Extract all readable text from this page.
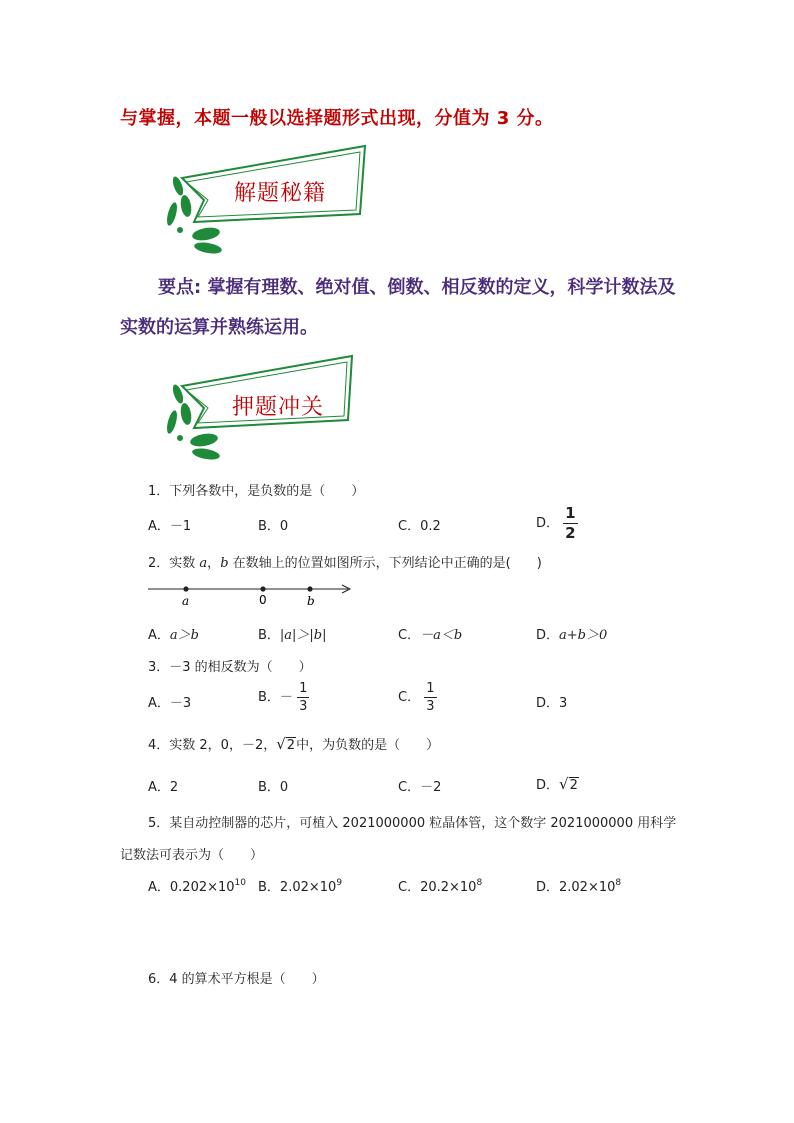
与掌握，本题一般以选择题形式出现，分值为 3 分。
解题秘籍
要点: 掌握有理数、绝对值、倒数、相反数的定义，科学计数法及实数的运算并熟练运用。
押题冲关
1．下列各数中，是负数的是（　　）
A．－1	B．0	C．0.2	D． $\frac{1}{2}$
2．实数 a，b 在数轴上的位置如图所示，下列结论中正确的是(　　)
a	0	b
A．a＞b	B．|a|＞|b|	C．－a＜b	D．a+b＞0
3．－3 的相反数为（　　）
A．－3	B．－ $\frac{1}{3}$	C． $\frac{1}{3}$	D．3
4．实数 2，0，－2，√2中，为负数的是（　　）
A．2	B．0	C．－2	D．√2
5．某自动控制器的芯片，可植入 2021000000 粒晶体管，这个数字 2021000000 用科学
记数法可表示为（　　）
A．$0.202\times 10^{10}$ B．$2.02\times 10^9$	C．$20.2\times 10^8$	D．$2.02\times 10^8$
6．4 的算术平方根是（　　）
